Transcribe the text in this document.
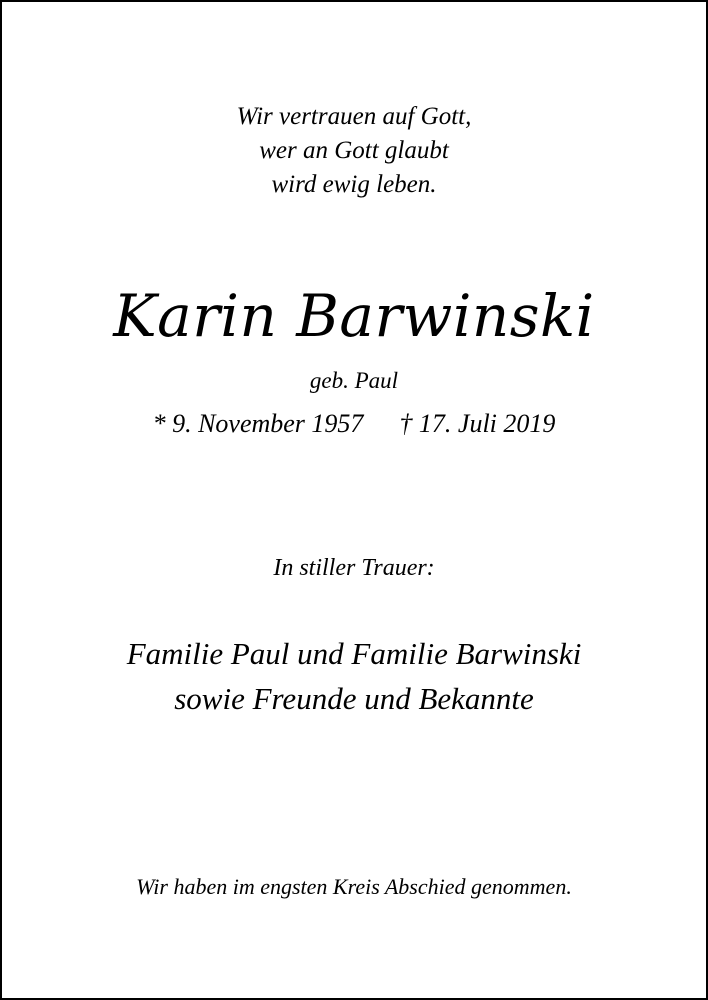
Wir vertrauen auf Gott,
wer an Gott glaubt
wird ewig leben.
Karin Barwinski
geb. Paul
* 9. November 1957 † 17. Juli 2019
In stiller Trauer:
Familie Paul und Familie Barwinski
sowie Freunde und Bekannte
Wir haben im engsten Kreis Abschied genommen.
